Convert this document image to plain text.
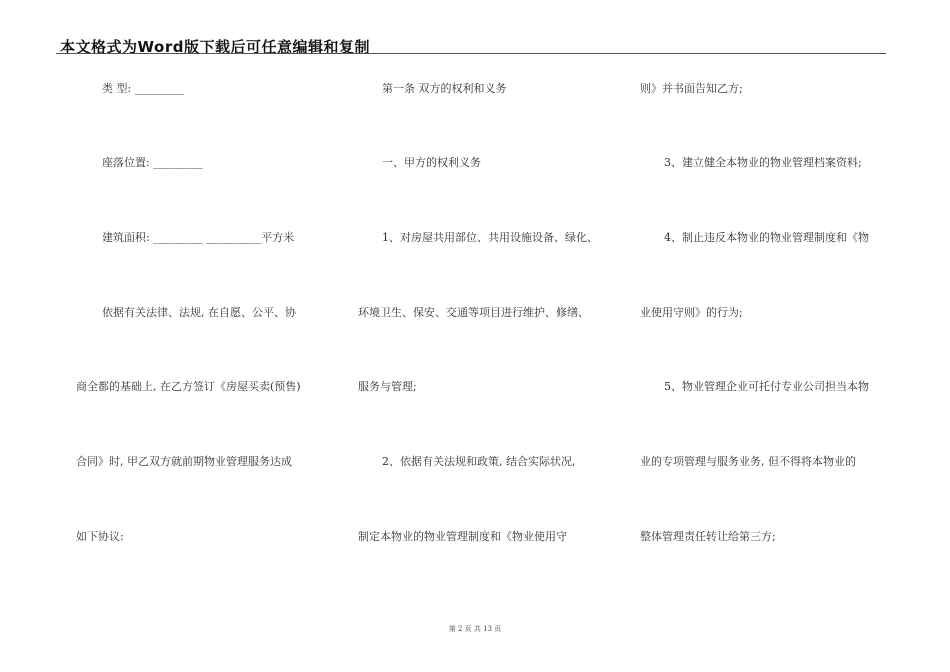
本文格式为Word版下载后可任意编辑和复制
类 型: _________
座落位置: _________
建筑面积: _________ __________平方米
依据有关法律、法规, 在自愿、公平、协
商全都的基础上, 在乙方签订《房屋买卖(预售)
合同》时, 甲乙双方就前期物业管理服务达成
如下协议:
第一条 双方的权利和义务
一、甲方的权利义务
1、对房屋共用部位、共用设施设备、绿化、
环境卫生、保安、交通等项目进行维护、修缮、
服务与管理;
2、依据有关法规和政策, 结合实际状况,
制定本物业的物业管理制度和《物业使用守
则》并书面告知乙方;
3、建立健全本物业的物业管理档案资料;
4、制止违反本物业的物业管理制度和《物
业使用守则》的行为;
5、物业管理企业可托付专业公司担当本物
业的专项管理与服务业务, 但不得将本物业的
整体管理责任转让给第三方;
第 2 页 共 13 页
